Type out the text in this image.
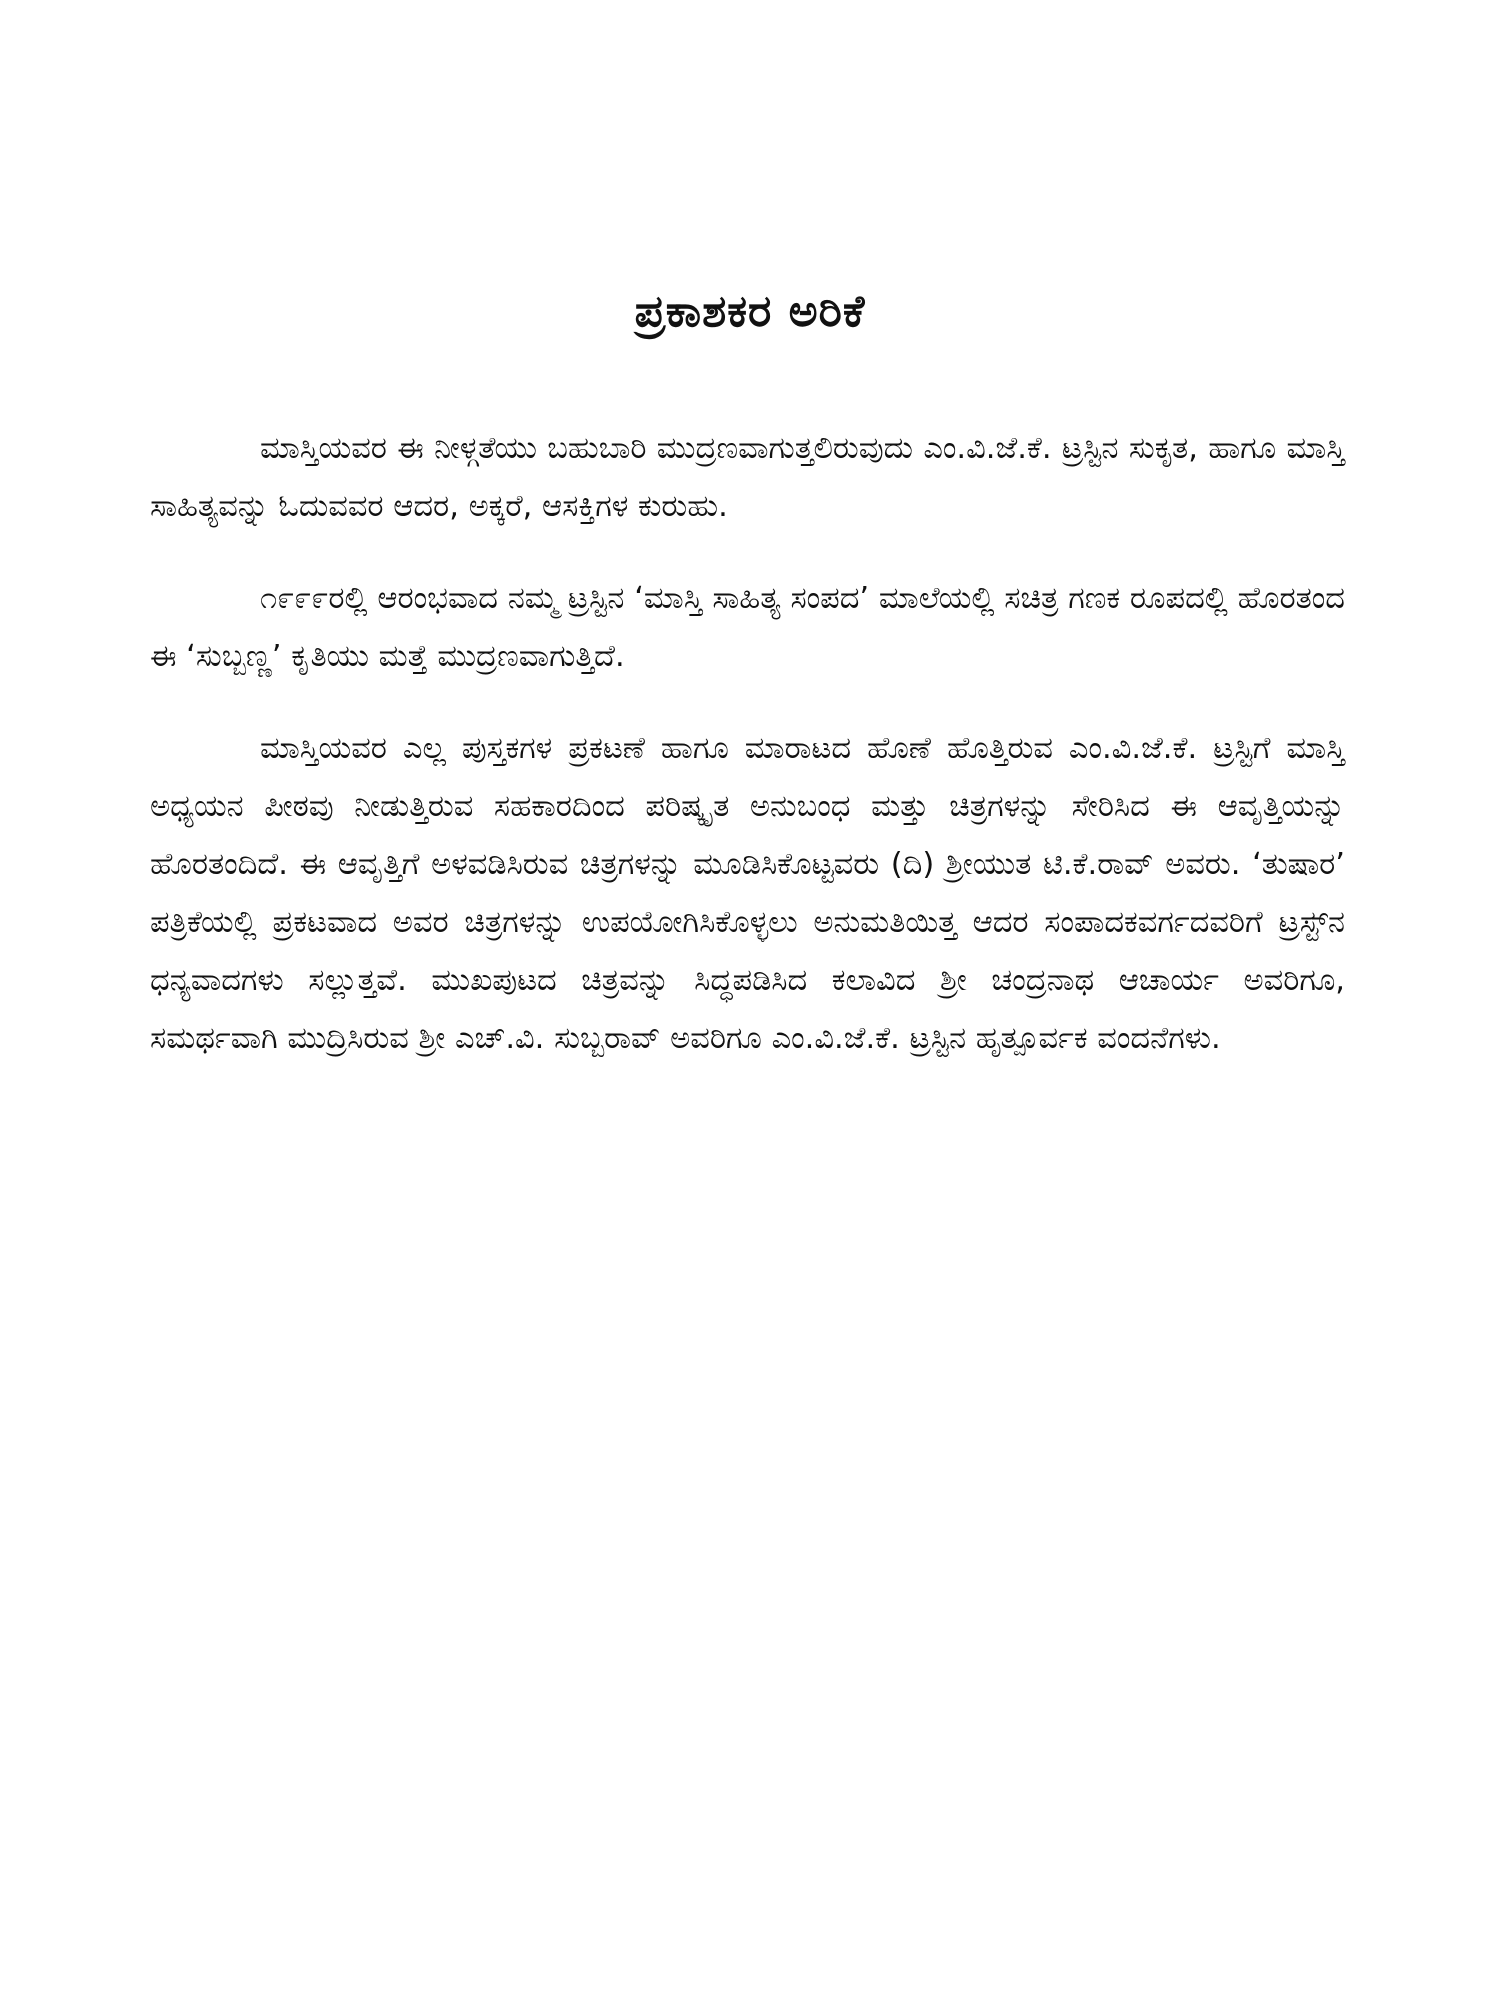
ಪ್ರಕಾಶಕರ ಅರಿಕೆ

ಮಾಸ್ತಿಯವರ ಈ ನೀಳ್ಗತೆಯು ಬಹುಬಾರಿ ಮುದ್ರಣವಾಗುತ್ತಲಿರುವುದು ಎಂ.ವಿ.ಜೆ.ಕೆ. ಟ್ರಸ್ಟಿನ ಸುಕೃತ, ಹಾಗೂ ಮಾಸ್ತಿ ಸಾಹಿತ್ಯವನ್ನು ಓದುವವರ ಆದರ, ಅಕ್ಕರೆ, ಆಸಕ್ತಿಗಳ ಕುರುಹು.

೧೯೯೯ರಲ್ಲಿ ಆರಂಭವಾದ ನಮ್ಮ ಟ್ರಸ್ಟಿನ ‘ಮಾಸ್ತಿ ಸಾಹಿತ್ಯ ಸಂಪದ’ ಮಾಲೆಯಲ್ಲಿ ಸಚಿತ್ರ ಗಣಕ ರೂಪದಲ್ಲಿ ಹೊರತಂದ ಈ ‘ಸುಬ್ಬಣ್ಣ’ ಕೃತಿಯು ಮತ್ತೆ ಮುದ್ರಣವಾಗುತ್ತಿದೆ.

ಮಾಸ್ತಿಯವರ ಎಲ್ಲ ಪುಸ್ತಕಗಳ ಪ್ರಕಟಣೆ ಹಾಗೂ ಮಾರಾಟದ ಹೊಣೆ ಹೊತ್ತಿರುವ ಎಂ.ವಿ.ಜೆ.ಕೆ. ಟ್ರಸ್ಟಿಗೆ ಮಾಸ್ತಿ ಅಧ್ಯಯನ ಪೀಠವು ನೀಡುತ್ತಿರುವ ಸಹಕಾರದಿಂದ ಪರಿಷ್ಕೃತ ಅನುಬಂಧ ಮತ್ತು ಚಿತ್ರಗಳನ್ನು ಸೇರಿಸಿದ ಈ ಆವೃತ್ತಿಯನ್ನು ಹೊರತಂದಿದೆ. ಈ ಆವೃತ್ತಿಗೆ ಅಳವಡಿಸಿರುವ ಚಿತ್ರಗಳನ್ನು ಮೂಡಿಸಿಕೊಟ್ಟವರು (ದಿ) ಶ್ರೀಯುತ ಟಿ.ಕೆ.ರಾವ್ ಅವರು. ‘ತುಷಾರ’ ಪತ್ರಿಕೆಯಲ್ಲಿ ಪ್ರಕಟವಾದ ಅವರ ಚಿತ್ರಗಳನ್ನು ಉಪಯೋಗಿಸಿಕೊಳ್ಳಲು ಅನುಮತಿಯಿತ್ತ ಆದರ ಸಂಪಾದಕವರ್ಗದವರಿಗೆ ಟ್ರಸ್ಟ್‌ನ ಧನ್ಯವಾದಗಳು ಸಲ್ಲುತ್ತವೆ. ಮುಖಪುಟದ ಚಿತ್ರವನ್ನು ಸಿದ್ಧಪಡಿಸಿದ ಕಲಾವಿದ ಶ್ರೀ ಚಂದ್ರನಾಥ ಆಚಾರ್ಯ ಅವರಿಗೂ, ಸಮರ್ಥವಾಗಿ ಮುದ್ರಿಸಿರುವ ಶ್ರೀ ಎಚ್.ವಿ. ಸುಬ್ಬರಾವ್ ಅವರಿಗೂ ಎಂ.ವಿ.ಜೆ.ಕೆ. ಟ್ರಸ್ಟಿನ ಹೃತ್ಪೂರ್ವಕ ವಂದನೆಗಳು.
